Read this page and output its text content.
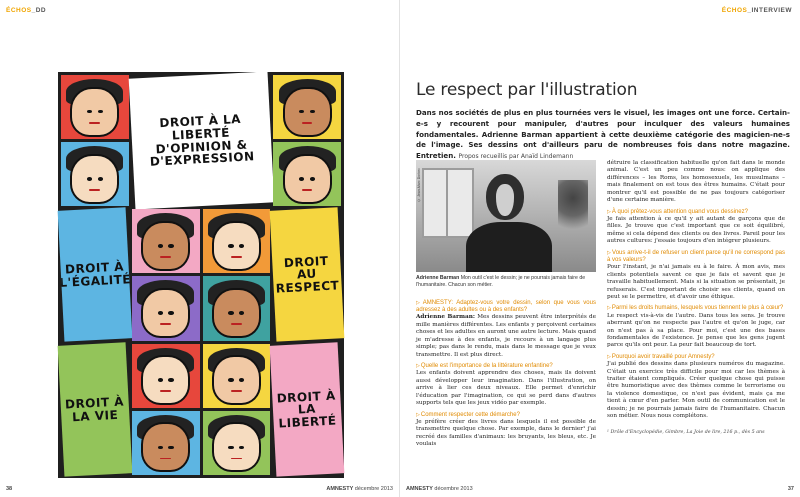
ÉCHOS_DD
DROIT À LA LIBERTÉ D'OPINION & D'EXPRESSION
DROIT À L'ÉGALITÉ
DROIT AU RESPECT
DROIT À LA VIE
DROIT À LA LIBERTÉ
38	AMNESTY décembre 2013
ÉCHOS_INTERVIEW
Le respect par l'illustration

Dans nos sociétés de plus en plus tournées vers le visuel, les images ont une force. Certain-e-s y recourent pour manipuler, d'autres pour inculquer des valeurs humaines fondamentales. Adrienne Barman appartient à cette deuxième catégorie des magicien-ne-s de l'image. Ses dessins ont d'ailleurs paru de nombreuses fois dans notre magazine. Entretien. Propos recueillis par Anaïd Lindemann

© Jean-Marc Dorbec

Adrienne Barman Mon outil c'est le dessin; je ne pourrais jamais faire de l'humanitaire. Chacun son métier.

▷AMNESTY: Adaptez-vous votre dessin, selon que vous vous adressez à des adultes ou à des enfants?
Adrienne Barman: Mes dessins peuvent être interprétés de mille manières différentes. Les enfants y perçoivent certaines choses et les adultes en auront une autre lecture. Mais quand je m'adresse à des enfants, je recours à un langage plus simple; pas dans le rendu, mais dans le message que je veux transmettre. Il est plus direct.
▷Quelle est l'importance de la littérature enfantine?
Les enfants doivent apprendre des choses, mais ils doivent aussi développer leur imagination. Dans l'illustration, on arrive à lier ces deux niveaux. Elle permet d'enrichir l'éducation par l'imagination, ce qui se perd dans d'autres supports tels que les jeux vidéo par exemple.
▷Comment respecter cette démarche?
Je préfère créer des livres dans lesquels il est possible de transmettre quelque chose. Par exemple, dans le dernier¹ j'ai recréé des familles d'animaux: les bruyants, les bleus, etc. Je voulais
détruire la classification habituelle qu'on fait dans le monde animal. C'est un peu comme nous: on applique des différences – les Roms, les homosexuels, les musulmans – mais finalement on est tous des êtres humains. C'était pour montrer qu'il est possible de ne pas toujours catégoriser d'une certaine manière.
▷À quoi prêtez-vous attention quand vous dessinez?
Je fais attention à ce qu'il y ait autant de garçons que de filles. Je trouve que c'est important que ce soit équilibré, même si cela dépend des clients ou des livres. Pareil pour les autres cultures: j'essaie toujours d'en intégrer plusieurs.
▷Vous arrive-t-il de refuser un client parce qu'il ne correspond pas à vos valeurs?
Pour l'instant, je n'ai jamais eu à le faire. À mon avis, mes clients potentiels savent ce que je fais et savent que je travaille habituellement. Mais si la situation se présentait, je refuserais. C'est important de choisir ses clients, quand on peut se le permettre, et d'avoir une éthique.
▷Parmi les droits humains, lesquels vous tiennent le plus à cœur?
Le respect vis-à-vis de l'autre. Dans tous les sens. Je trouve aberrant qu'on ne respecte pas l'autre et qu'on le juge, car on n'est pas à sa place. Pour moi, c'est une des bases fondamentales de l'existence. Je pense que les gens jugent parce qu'ils ont peur. La peur fait beaucoup de tort.
▷Pourquoi avoir travaillé pour Amnesty?
J'ai publié des dessins dans plusieurs numéros du magazine. C'était un exercice très difficile pour moi car les thèmes à traiter étaient compliqués. Créer quelque chose qui puisse être humoristique avec des thèmes comme le terrorisme ou la violence domestique, ce n'est pas évident, mais ça me tient à cœur d'en parler. Mon outil de communication est le dessin; je ne pourrais jamais faire de l'humanitaire. Chacun son métier. Nous nous complétons.
¹ Drôle d'Encyclopédie, Gimbre, La Joie de lire, 216 p., dès 5 ans
AMNESTY décembre 2013	37
